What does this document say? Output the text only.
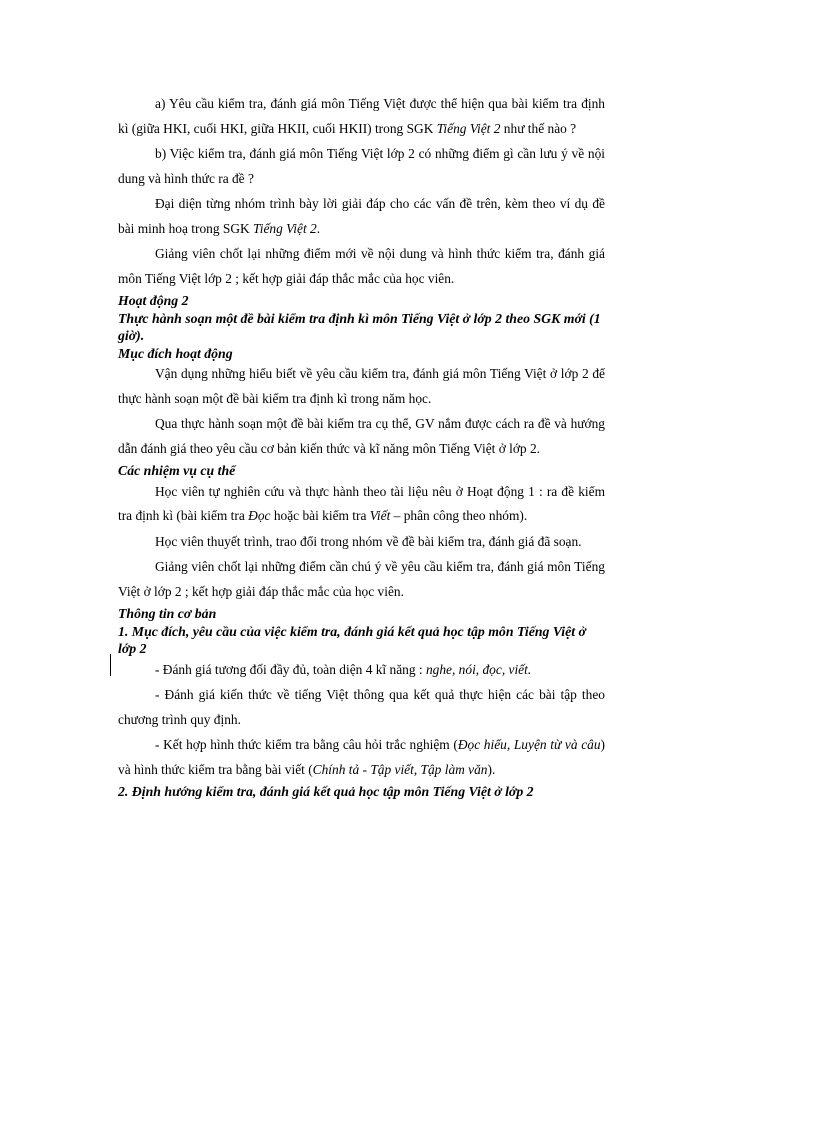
a) Yêu cầu kiểm tra, đánh giá môn Tiếng Việt được thể hiện qua bài kiểm tra định kì (giữa HKI, cuối HKI, giữa HKII, cuối HKII) trong SGK Tiếng Việt 2 như thế nào ?

b) Việc kiểm tra, đánh giá môn Tiếng Việt lớp 2 có những điểm gì cần lưu ý về nội dung và hình thức ra đề ?

Đại diện từng nhóm trình bày lời giải đáp cho các vấn đề trên, kèm theo ví dụ đề bài minh hoạ trong SGK Tiếng Việt 2.

Giảng viên chốt lại những điểm mới về nội dung và hình thức kiểm tra, đánh giá môn Tiếng Việt lớp 2 ; kết hợp giải đáp thắc mắc của học viên.

Hoạt động 2

Thực hành soạn một đề bài kiểm tra định kì môn Tiếng Việt ở lớp 2 theo SGK mới (1 giờ).

Mục đích hoạt động

Vận dụng những hiểu biết về yêu cầu kiểm tra, đánh giá môn Tiếng Việt ở lớp 2 để thực hành soạn một đề bài kiểm tra định kì trong năm học.

Qua thực hành soạn một đề bài kiểm tra cụ thể, GV nắm được cách ra đề và hướng dẫn đánh giá theo yêu cầu cơ bản kiến thức và kĩ năng môn Tiếng Việt ở lớp 2.

Các nhiệm vụ cụ thể

Học viên tự nghiên cứu và thực hành theo tài liệu nêu ở Hoạt động 1 : ra đề kiểm tra định kì (bài kiểm tra Đọc hoặc bài kiểm tra Viết – phân công theo nhóm).

Học viên thuyết trình, trao đổi trong nhóm về đề bài kiểm tra, đánh giá đã soạn.

Giảng viên chốt lại những điểm cần chú ý về yêu cầu kiểm tra, đánh giá môn Tiếng Việt ở lớp 2 ; kết hợp giải đáp thắc mắc của học viên.

Thông tin cơ bản

1. Mục đích, yêu cầu của việc kiểm tra, đánh giá kết quả học tập môn Tiếng Việt ở lớp 2

- Đánh giá tương đối đầy đủ, toàn diện 4 kĩ năng : nghe, nói, đọc, viết.

- Đánh giá kiến thức về tiếng Việt thông qua kết quả thực hiện các bài tập theo chương trình quy định.

- Kết hợp hình thức kiểm tra bằng câu hỏi trắc nghiệm (Đọc hiểu, Luyện từ và câu) và hình thức kiểm tra bằng bài viết (Chính tả - Tập viết, Tập làm văn).

2. Định hướng kiểm tra, đánh giá kết quả học tập môn Tiếng Việt ở lớp 2
